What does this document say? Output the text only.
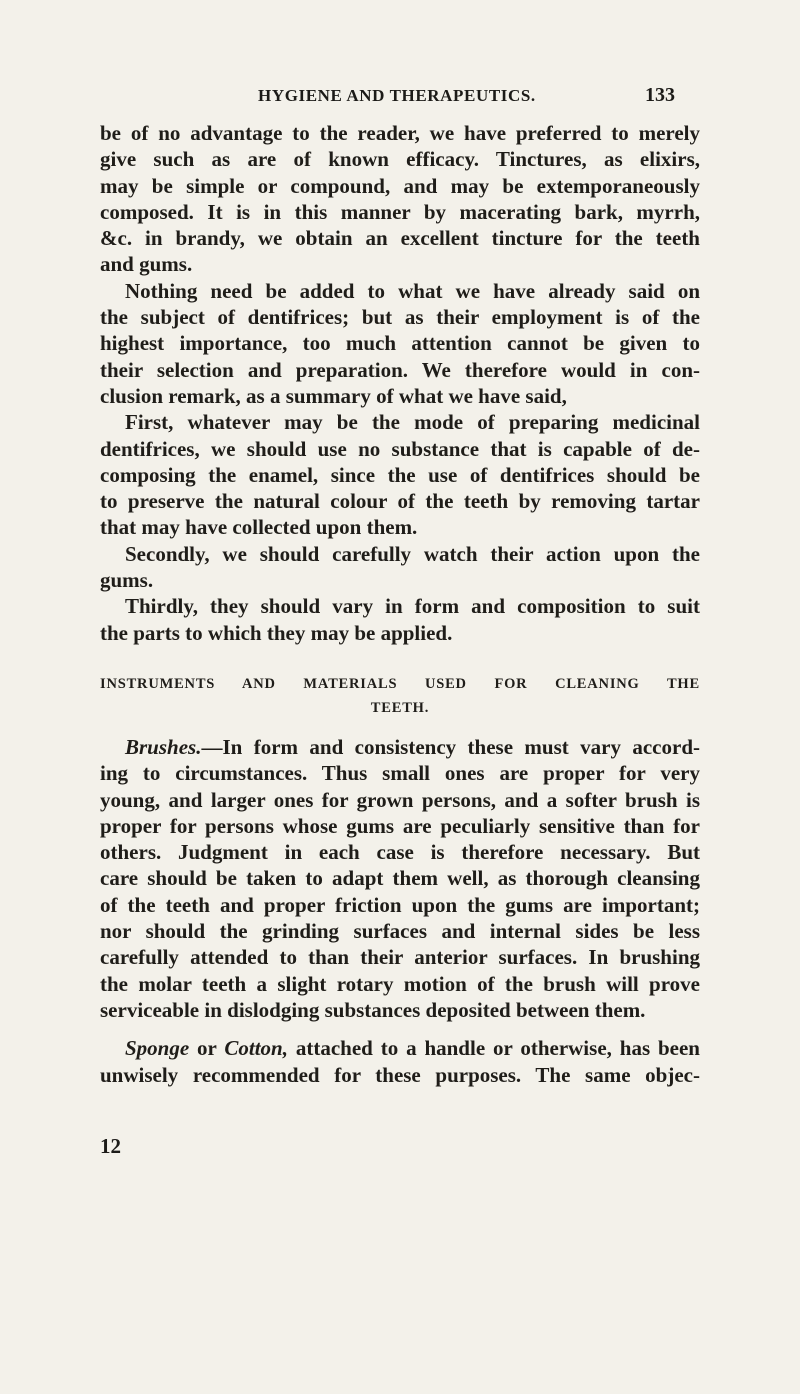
HYGIENE AND THERAPEUTICS.	133

be of no advantage to the reader, we have preferred to merely

give such as are of known efficacy. Tinctures, as elixirs,

may be simple or compound, and may be extemporaneously

composed. It is in this manner by macerating bark, myrrh,

&c. in brandy, we obtain an excellent tincture for the teeth

and gums.

Nothing need be added to what we have already said on

the subject of dentifrices; but as their employment is of the

highest importance, too much attention cannot be given to

their selection and preparation. We therefore would in con-

clusion remark, as a summary of what we have said,

First, whatever may be the mode of preparing medicinal

dentifrices, we should use no substance that is capable of de-

composing the enamel, since the use of dentifrices should be

to preserve the natural colour of the teeth by removing tartar

that may have collected upon them.

Secondly, we should carefully watch their action upon the

gums.

Thirdly, they should vary in form and composition to suit

the parts to which they may be applied.

INSTRUMENTS AND MATERIALS USED FOR CLEANING THE
TEETH.

Brushes.—In form and consistency these must vary accord-

ing to circumstances. Thus small ones are proper for very

young, and larger ones for grown persons, and a softer brush is

proper for persons whose gums are peculiarly sensitive than for

others. Judgment in each case is therefore necessary. But

care should be taken to adapt them well, as thorough cleansing

of the teeth and proper friction upon the gums are important;

nor should the grinding surfaces and internal sides be less

carefully attended to than their anterior surfaces. In brushing

the molar teeth a slight rotary motion of the brush will prove

serviceable in dislodging substances deposited between them.

Sponge or Cotton, attached to a handle or otherwise, has been

unwisely recommended for these purposes. The same objec-

12
